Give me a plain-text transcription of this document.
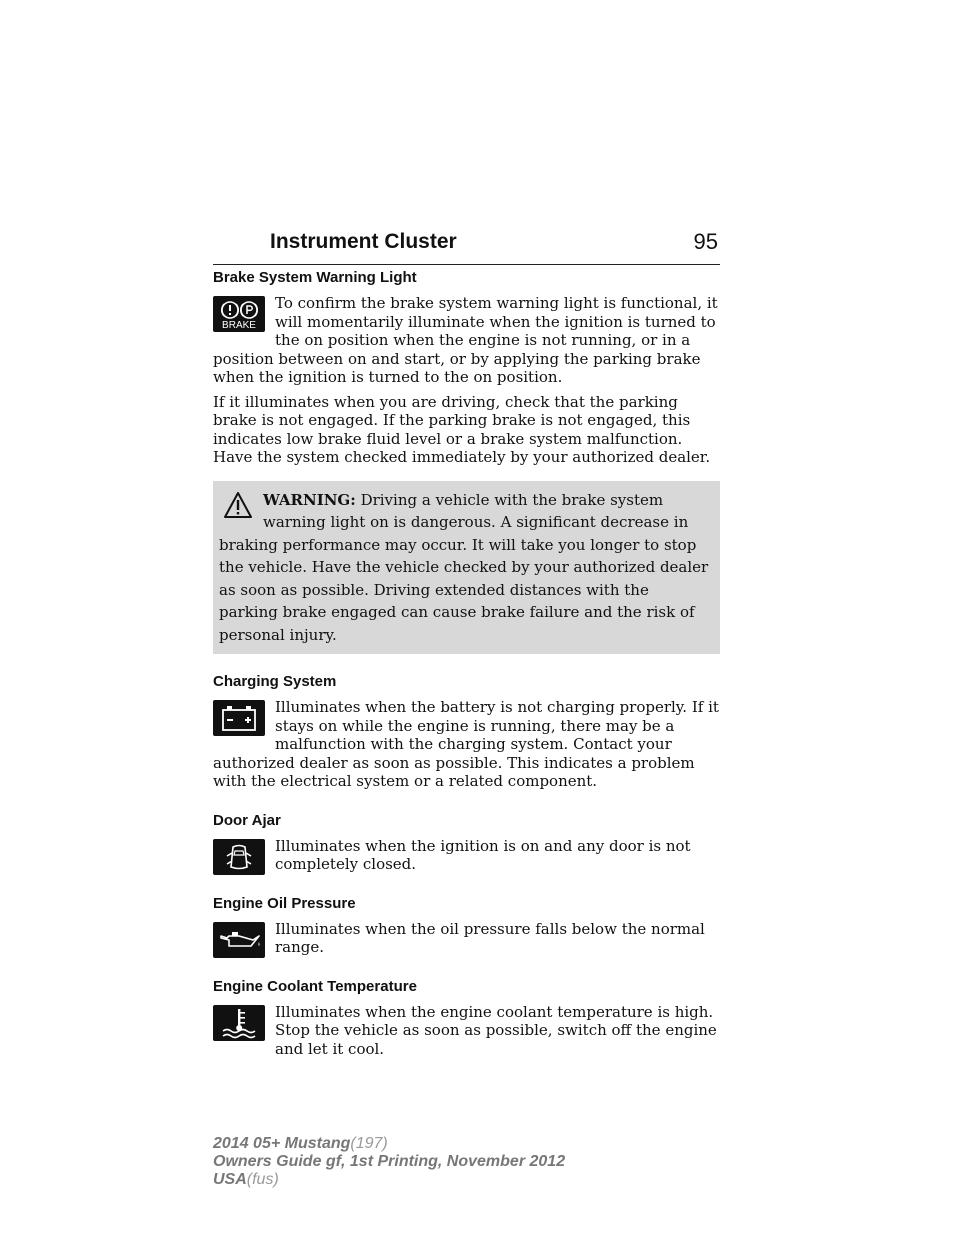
Instrument Cluster	95
Brake System Warning Light
BRAKE

To confirm the brake system warning light is functional, it will momentarily illuminate when the ignition is turned to the on position when the engine is not running, or in a position between on and start, or by applying the parking brake when the ignition is turned to the on position.

If it illuminates when you are driving, check that the parking brake is not engaged. If the parking brake is not engaged, this indicates low brake fluid level or a brake system malfunction. Have the system checked immediately by your authorized dealer.

WARNING: Driving a vehicle with the brake system warning light on is dangerous. A significant decrease in braking performance may occur. It will take you longer to stop the vehicle. Have the vehicle checked by your authorized dealer as soon as possible. Driving extended distances with the parking brake engaged can cause brake failure and the risk of personal injury.
Charging System

Illuminates when the battery is not charging properly. If it stays on while the engine is running, there may be a malfunction with the charging system. Contact your authorized dealer as soon as possible. This indicates a problem with the electrical system or a related component.

Door Ajar

Illuminates when the ignition is on and any door is not completely closed.

Engine Oil Pressure

Illuminates when the oil pressure falls below the normal range.

Engine Coolant Temperature

Illuminates when the engine coolant temperature is high. Stop the vehicle as soon as possible, switch off the engine and let it cool.

2014 05+ Mustang(197)
Owners Guide gf, 1st Printing, November 2012
USA(fus)
